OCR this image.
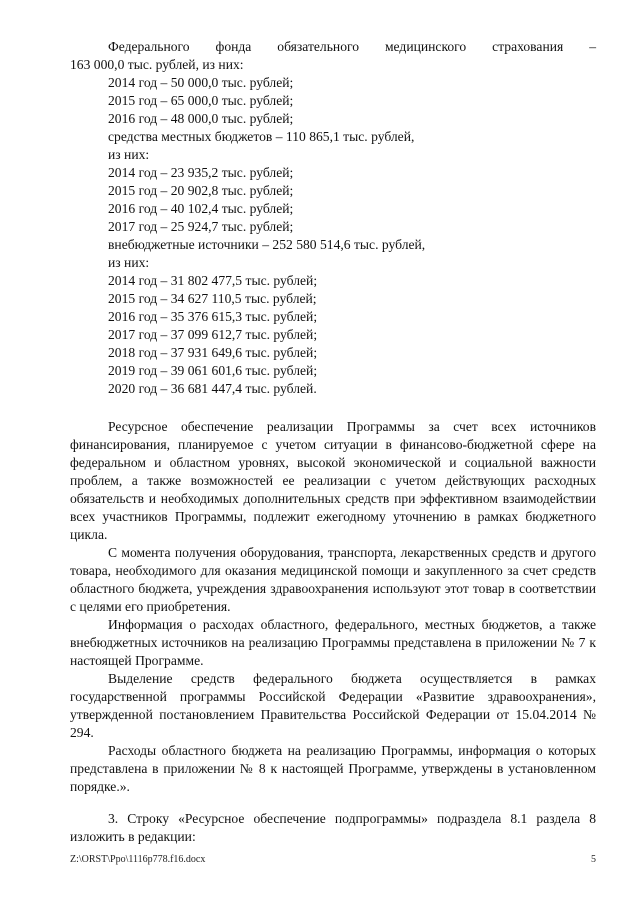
Федерального фонда обязательного медицинского страхования –
163 000,0 тыс. рублей, из них:
2014 год – 50 000,0 тыс. рублей;
2015 год – 65 000,0 тыс. рублей;
2016 год – 48 000,0 тыс. рублей;
средства местных бюджетов – 110 865,1 тыс. рублей,
из них:
2014 год – 23 935,2 тыс. рублей;
2015 год – 20 902,8 тыс. рублей;
2016 год – 40 102,4 тыс. рублей;
2017 год – 25 924,7 тыс. рублей;
внебюджетные источники – 252 580 514,6 тыс. рублей,
из них:
2014 год – 31 802 477,5 тыс. рублей;
2015 год – 34 627 110,5 тыс. рублей;
2016 год – 35 376 615,3 тыс. рублей;
2017 год – 37 099 612,7 тыс. рублей;
2018 год – 37 931 649,6 тыс. рублей;
2019 год – 39 061 601,6 тыс. рублей;
2020 год – 36 681 447,4 тыс. рублей.

Ресурсное обеспечение реализации Программы за счет всех источников финансирования, планируемое с учетом ситуации в финансово-бюджетной сфере на федеральном и областном уровнях, высокой экономической и социальной важности проблем, а также возможностей ее реализации с учетом действующих расходных обязательств и необходимых дополнительных средств при эффективном взаимодействии всех участников Программы, подлежит ежегодному уточнению в рамках бюджетного цикла.

С момента получения оборудования, транспорта, лекарственных средств и другого товара, необходимого для оказания медицинской помощи и закупленного за счет средств областного бюджета, учреждения здравоохранения используют этот товар в соответствии с целями его приобретения.

Информация о расходах областного, федерального, местных бюджетов, а также внебюджетных источников на реализацию Программы представлена в приложении № 7 к настоящей Программе.

Выделение средств федерального бюджета осуществляется в рамках государственной программы Российской Федерации «Развитие здравоохранения», утвержденной постановлением Правительства Российской Федерации от 15.04.2014 № 294.

Расходы областного бюджета на реализацию Программы, информация о которых представлена в приложении № 8 к настоящей Программе, утверждены в установленном порядке.».

3. Строку «Ресурсное обеспечение подпрограммы» подраздела 8.1 раздела 8 изложить в редакции:

Z:\ORST\Ppo\1116p778.f16.docx	5
